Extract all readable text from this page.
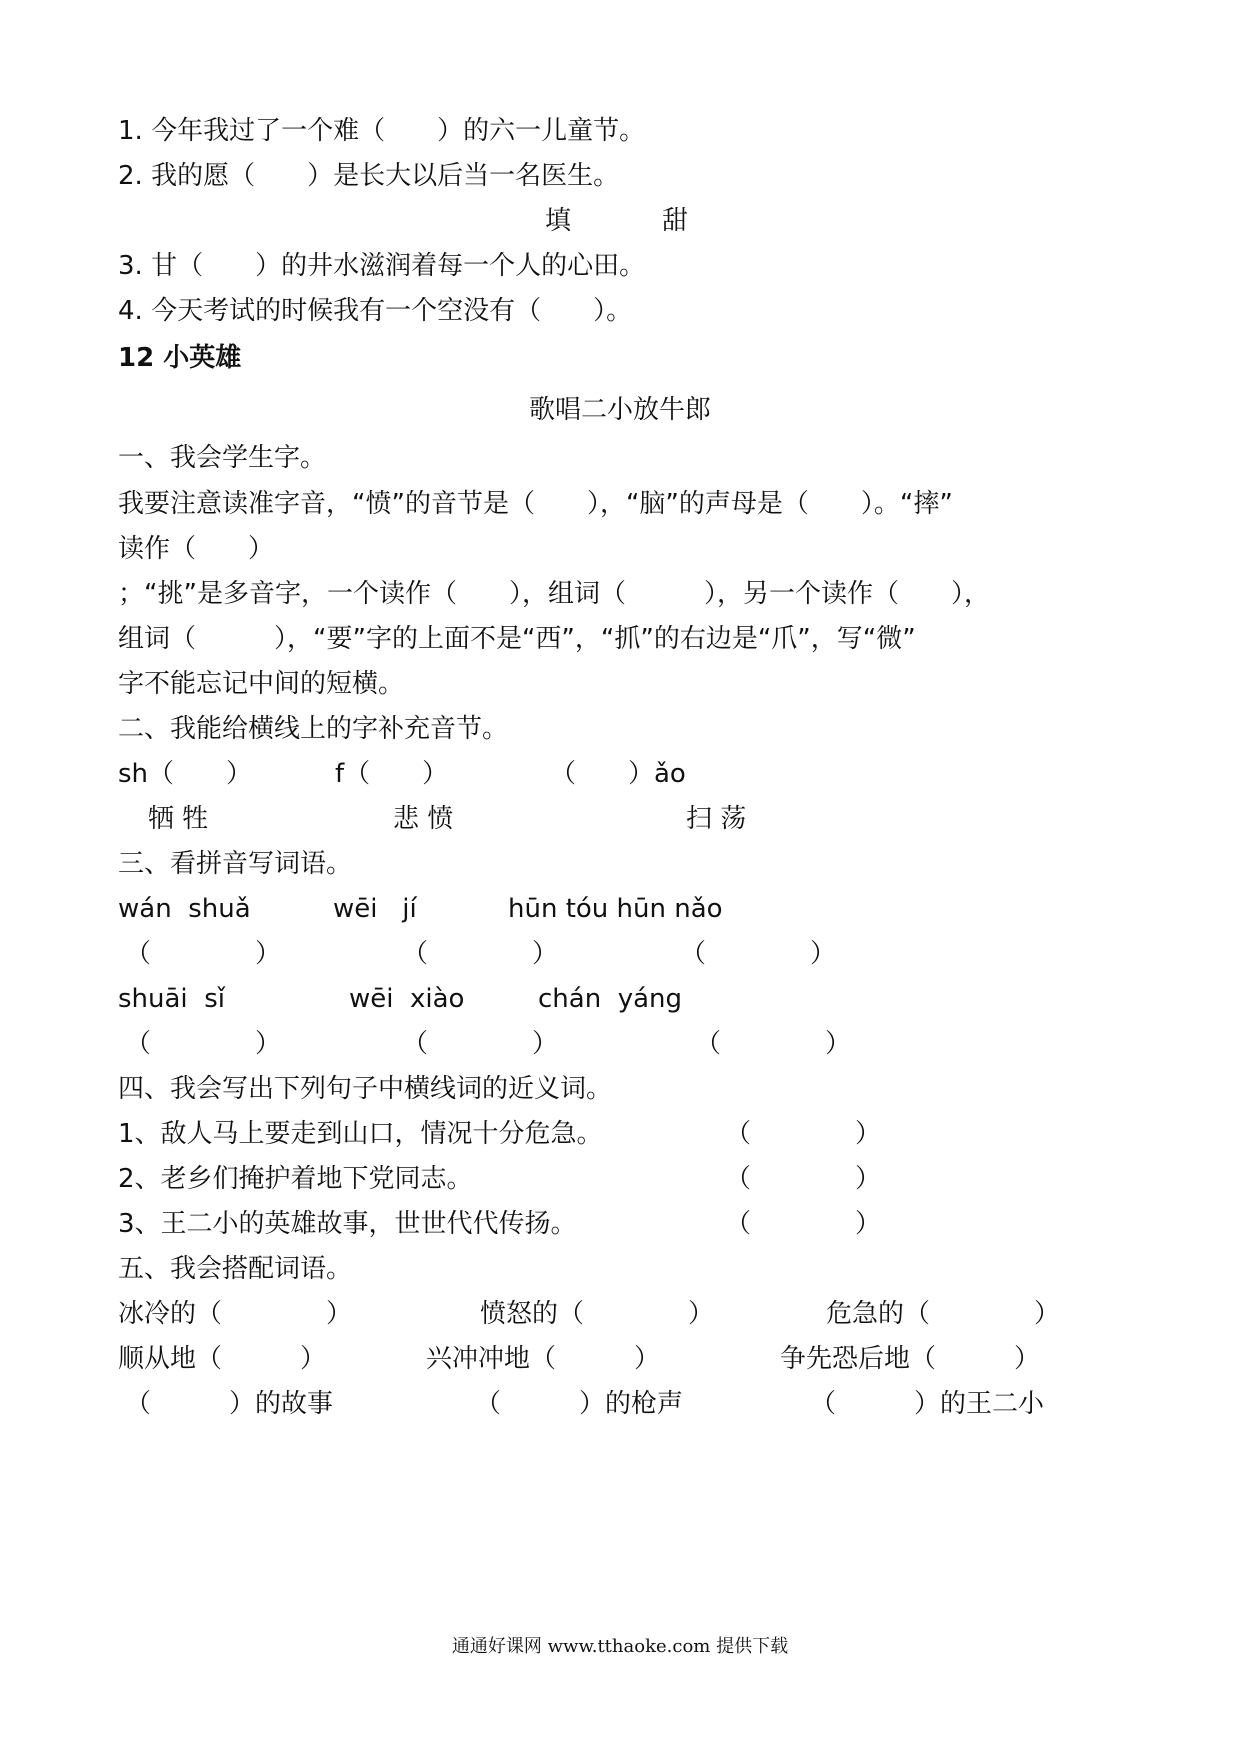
1. 今年我过了一个难（　　）的六一儿童节。
2. 我的愿（　　）是长大以后当一名医生。
填	甜
3. 甘（　　）的井水滋润着每一个人的心田。
4. 今天考试的时候我有一个空没有（　　）。
12 小英雄
歌唱二小放牛郎
一、我会学生字。
我要注意读准字音，“愤”的音节是（　　），“脑”的声母是（　　）。“摔”
读作（　　）
；“挑”是多音字，一个读作（　　），组词（　　　），另一个读作（　　），
组词（　　　），“要”字的上面不是“西”，“抓”的右边是“爪”，写“微”
字不能忘记中间的短横。
二、我能给横线上的字补充音节。
sh（　　）	f（　　）	（　　）ǎo
牺 牲	悲 愤	扫 荡
三、看拼音写词语。
wán  shuǎ	wēi   jí	hūn tóu hūn nǎo
（　　　　）	（　　　　）	（　　　　）
shuāi  sǐ	wēi  xiào	chán  yáng
（　　　　）	（　　　　）	（　　　　）
四、我会写出下列句子中横线词的近义词。
1、敌人马上要走到山口，情况十分危急。	（　　　　）
2、老乡们掩护着地下党同志。	（　　　　）
3、王二小的英雄故事，世世代代传扬。	（　　　　）
五、我会搭配词语。
冰冷的（　　　　）	愤怒的（　　　　）	危急的（　　　　）
顺从地（　　　）	兴冲冲地（　　　）	争先恐后地（　　　）
（　　　）的故事	（　　　）的枪声	（　　　）的王二小
通通好课网 www.tthaoke.com 提供下载
